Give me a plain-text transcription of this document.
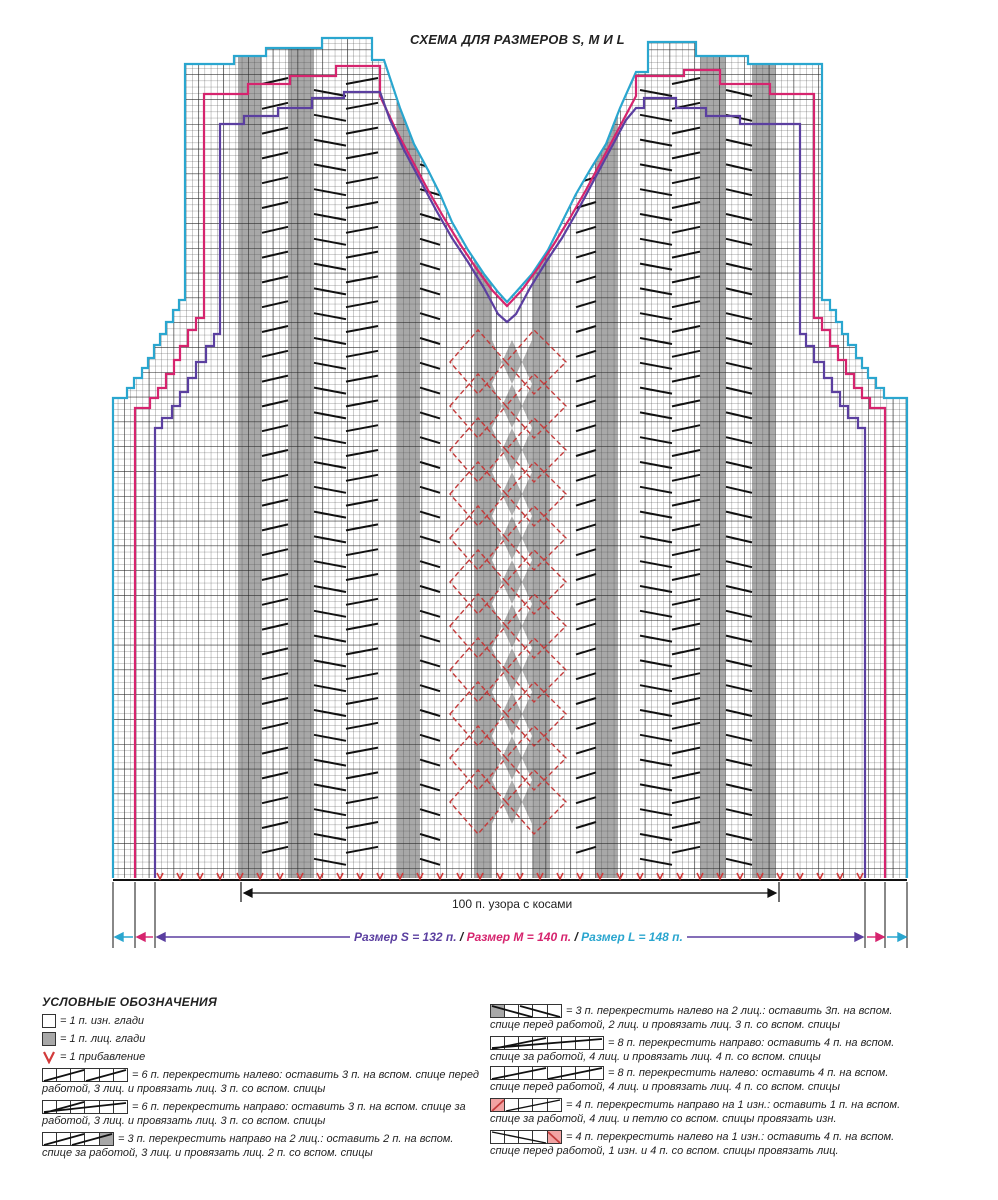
СХЕМА ДЛЯ РАЗМЕРОВ S, M И L
100 п. узора с косами
Размер S = 132 п. / Размер M = 140 п. / Размер L = 148 п.
УСЛОВНЫЕ ОБОЗНАЧЕНИЯ
= 1 п. изн. глади
= 1 п. лиц. глади
= 1 прибавление
= 6 п. перекрестить налево: оставить 3 п. на вспом. спице перед работой, 3 лиц. и провязать лиц. 3 п. со вспом. спицы
= 6 п. перекрестить направо: оставить 3 п. на вспом. спице за работой, 3 лиц. и провязать лиц. 3 п. со вспом. спицы
= 3 п. перекрестить направо на 2 лиц.: оставить 2 п. на вспом. спице за работой, 3 лиц. и провязать лиц. 2 п. со вспом. спицы
= 3 п. перекрестить налево на 2 лиц.: оставить 3п. на вспом. спице перед работой, 2 лиц. и провязать лиц. 3 п. со вспом. спицы
= 8 п. перекрестить направо: оставить 4 п. на вспом. спице за работой, 4 лиц. и провязать лиц. 4 п. со вспом. спицы
= 8 п. перекрестить налево: оставить 4 п. на вспом. спице перед работой, 4 лиц. и провязать лиц. 4 п. со вспом. спицы
= 4 п. перекрестить направо на 1 изн.: оставить 1 п. на вспом. спице за работой, 4 лиц. и петлю со вспом. спицы провязать изн.
= 4 п. перекрестить налево на 1 изн.: оставить 4 п. на вспом. спице перед работой, 1 изн. и 4 п. со вспом. спицы провязать лиц.
